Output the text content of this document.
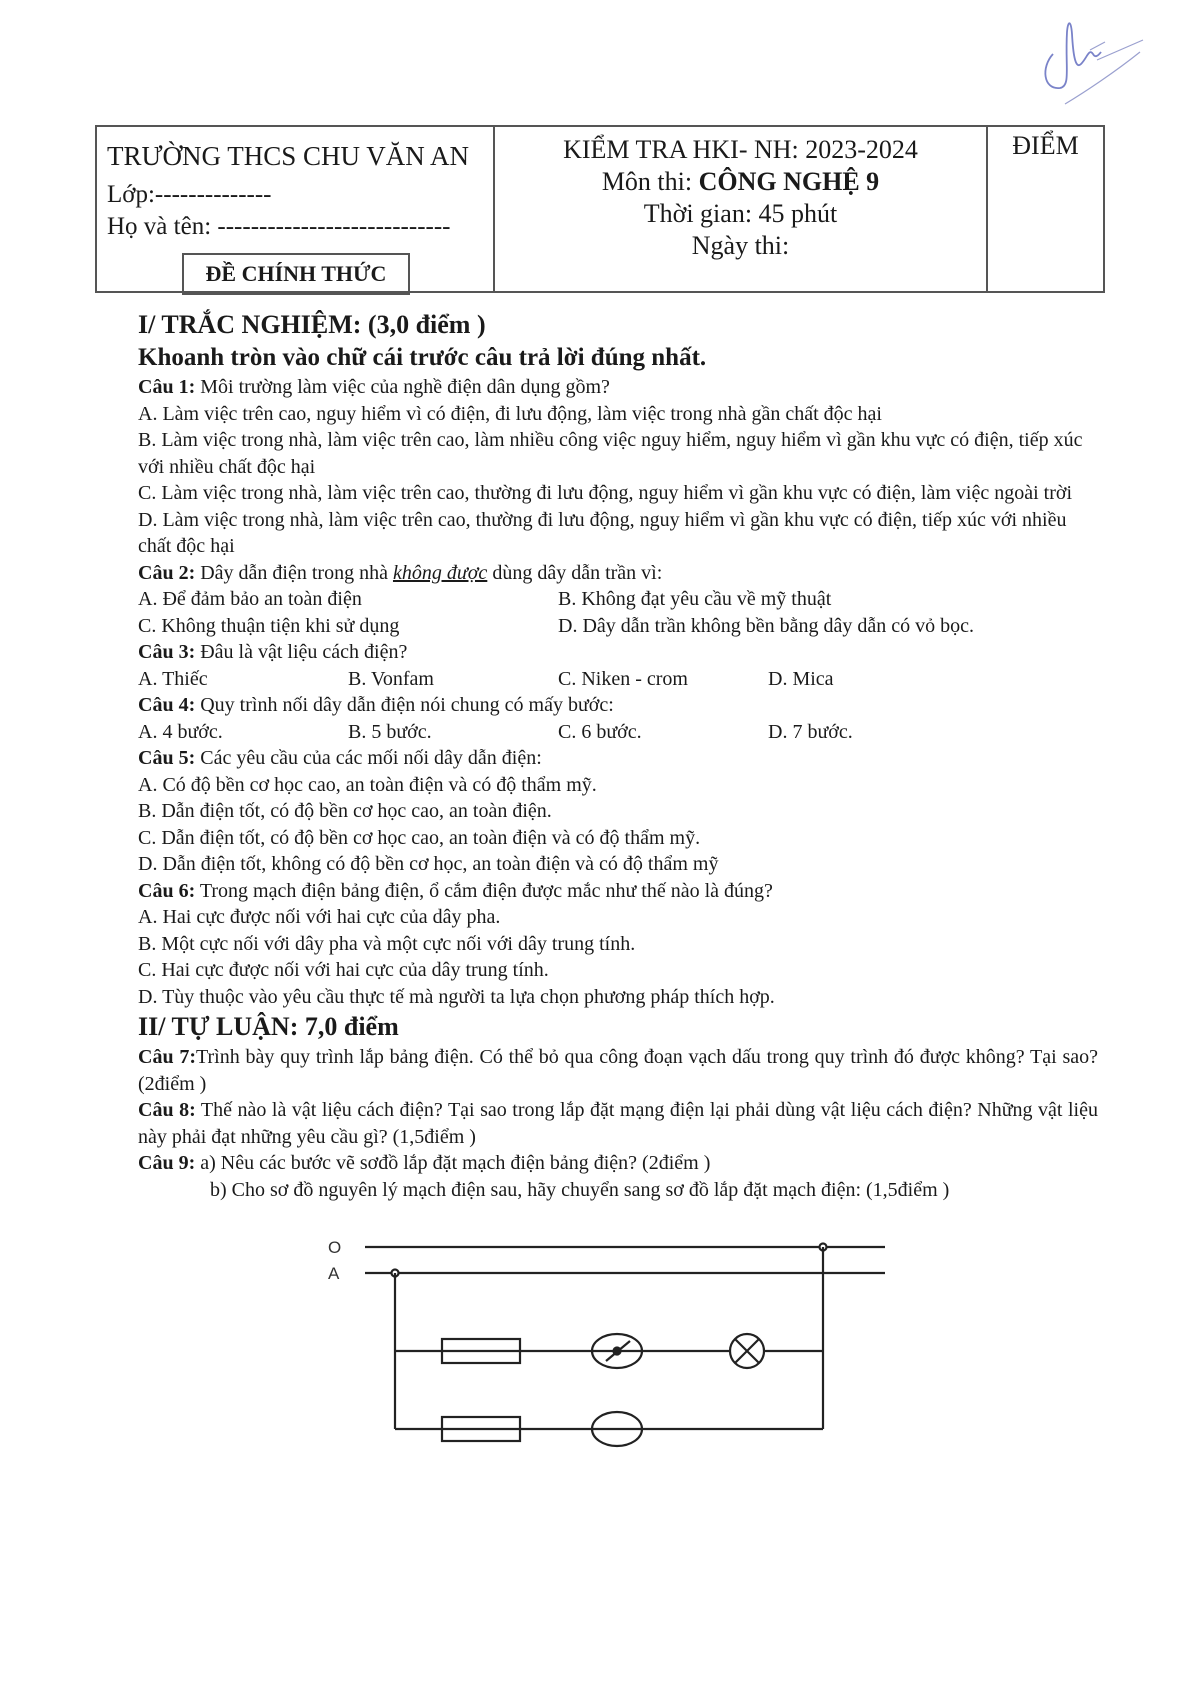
TRƯỜNG THCS CHU VĂN AN
Lớp:--------------
Họ và tên: ----------------------------
ĐỀ CHÍNH THỨC
KIỂM TRA HKI- NH: 2023-2024
Môn thi: CÔNG NGHỆ 9
Thời gian: 45 phút
Ngày thi:
ĐIỂM
I/ TRẮC NGHIỆM: (3,0 điểm )
Khoanh tròn vào chữ cái trước câu trả lời đúng nhất.
Câu 1: Môi trường làm việc của nghề điện dân dụng gồm?
A. Làm việc trên cao, nguy hiểm vì có điện, đi lưu động, làm việc trong nhà gần chất độc hại
B. Làm việc trong nhà, làm việc trên cao, làm nhiều công việc nguy hiểm, nguy hiểm vì gần khu vực có điện, tiếp xúc với nhiều chất độc hại
C. Làm việc trong nhà, làm việc trên cao, thường đi lưu động, nguy hiểm vì gần khu vực có điện, làm việc ngoài trời
D. Làm việc trong nhà, làm việc trên cao, thường đi lưu động, nguy hiểm vì gần khu vực có điện, tiếp xúc với nhiều chất độc hại
Câu 2: Dây dẫn điện trong nhà không được dùng dây dẫn trần vì:
A. Để đảm bảo an toàn điện	B. Không đạt yêu cầu về mỹ thuật
C. Không thuận tiện khi sử dụng	D. Dây dẫn trần không bền bằng dây dẫn có vỏ bọc.
Câu 3: Đâu là vật liệu cách điện?
A. Thiếc	B. Vonfam	C. Niken - crom	D. Mica
Câu 4: Quy trình nối dây dẫn điện nói chung có mấy bước:
A. 4 bước.	B. 5 bước.	C. 6 bước.	D. 7 bước.
Câu 5: Các yêu cầu của các mối nối dây dẫn điện:
A. Có độ bền cơ học cao, an toàn điện và có độ thẩm mỹ.
B. Dẫn điện tốt, có độ bền cơ học cao, an toàn điện.
C. Dẫn điện tốt, có độ bền cơ học cao, an toàn điện và có độ thẩm mỹ.
D. Dẫn điện tốt, không có độ bền cơ học, an toàn điện và có độ thẩm mỹ
Câu 6: Trong mạch điện bảng điện, ổ cắm điện được mắc như thế nào là đúng?
A. Hai cực được nối với hai cực của dây pha.
B. Một cực nối với dây pha và một cực nối với dây trung tính.
C. Hai cực được nối với hai cực của dây trung tính.
D. Tùy thuộc vào yêu cầu thực tế mà người ta lựa chọn phương pháp thích hợp.
II/ TỰ LUẬN: 7,0 điểm
Câu 7:Trình bày quy trình lắp bảng điện. Có thể bỏ qua công đoạn vạch dấu trong quy trình đó được không? Tại sao? (2điểm )
Câu 8: Thế nào là vật liệu cách điện? Tại sao trong lắp đặt mạng điện lại phải dùng vật liệu cách điện? Những vật liệu này phải đạt những yêu cầu gì? (1,5điểm )
Câu 9: a) Nêu các bước vẽ sơđồ lắp đặt mạch điện bảng điện? (2điểm )
b) Cho sơ đồ nguyên lý mạch điện sau, hãy chuyển sang sơ đồ lắp đặt mạch điện: (1,5điểm )
O
A
